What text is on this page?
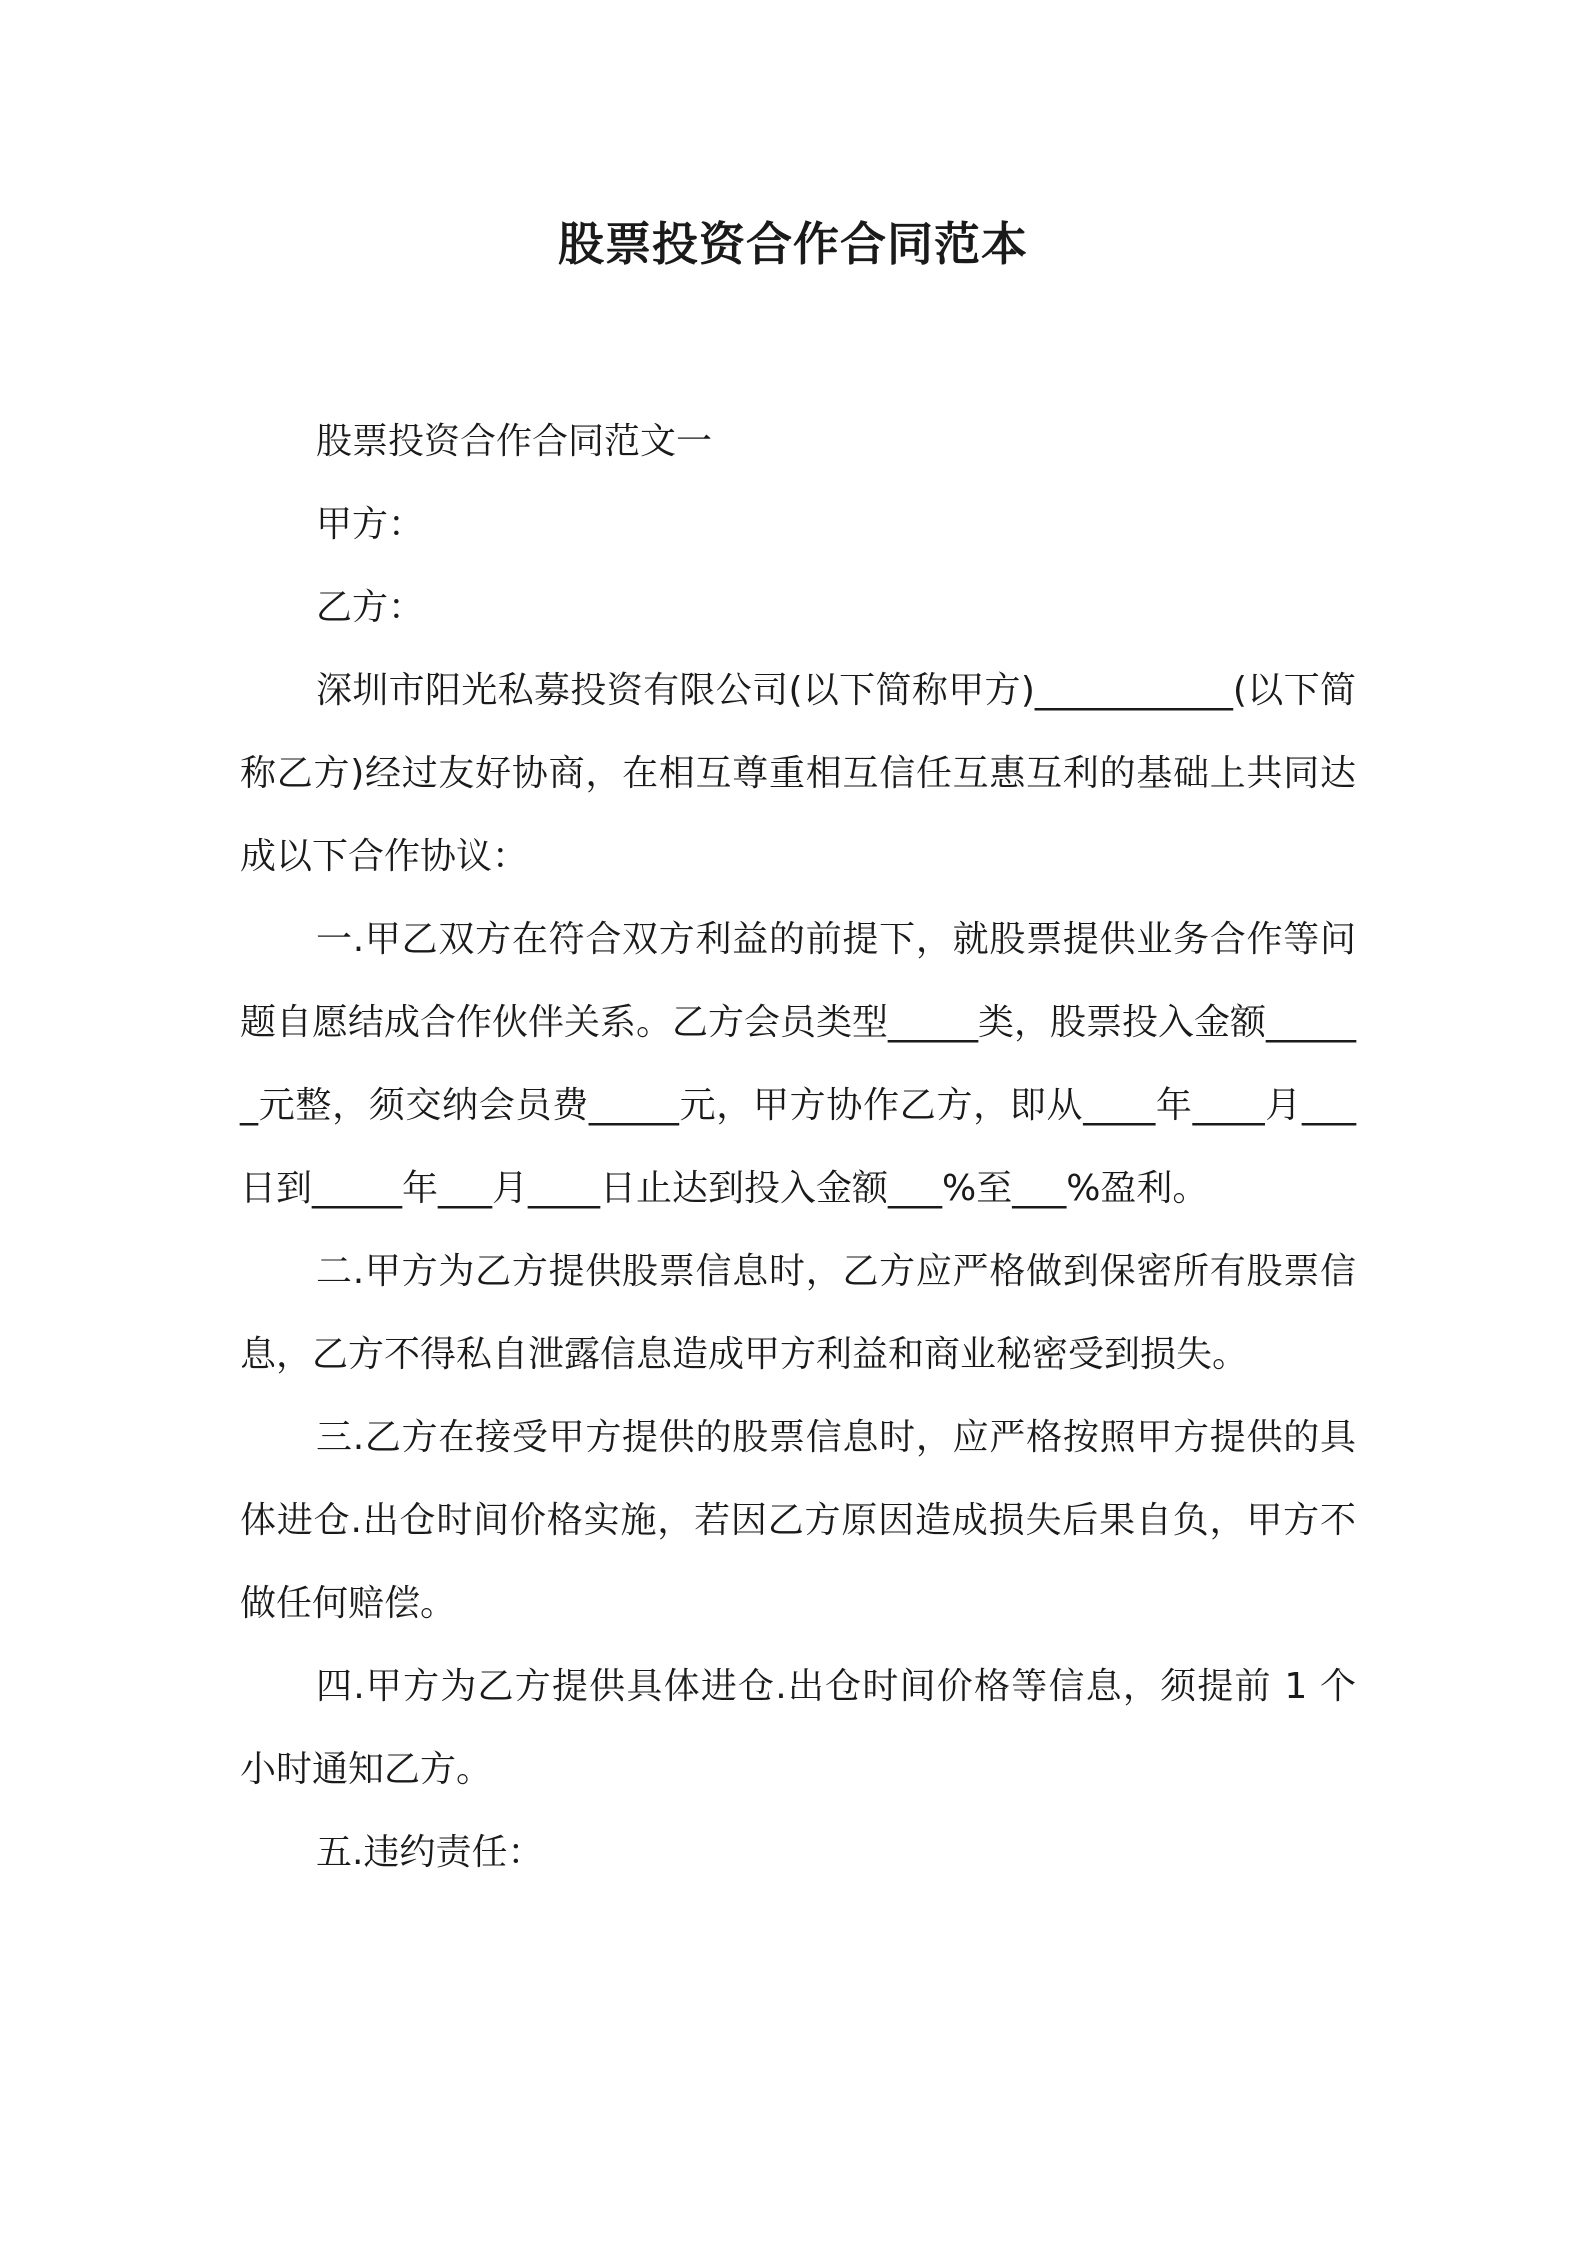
股票投资合作合同范本

股票投资合作合同范文一

甲方：

乙方：

深圳市阳光私募投资有限公司(以下简称甲方)___________(以下简称乙方)经过友好协商，在相互尊重相互信任互惠互利的基础上共同达成以下合作协议：

一.甲乙双方在符合双方利益的前提下，就股票提供业务合作等问题自愿结成合作伙伴关系。乙方会员类型_____类，股票投入金额______元整，须交纳会员费_____元，甲方协作乙方，即从____年____月___日到_____年___月____日止达到投入金额___%至___%盈利。

二.甲方为乙方提供股票信息时，乙方应严格做到保密所有股票信息，乙方不得私自泄露信息造成甲方利益和商业秘密受到损失。

三.乙方在接受甲方提供的股票信息时，应严格按照甲方提供的具体进仓.出仓时间价格实施，若因乙方原因造成损失后果自负，甲方不做任何赔偿。

四.甲方为乙方提供具体进仓.出仓时间价格等信息，须提前 1 个小时通知乙方。

五.违约责任：
